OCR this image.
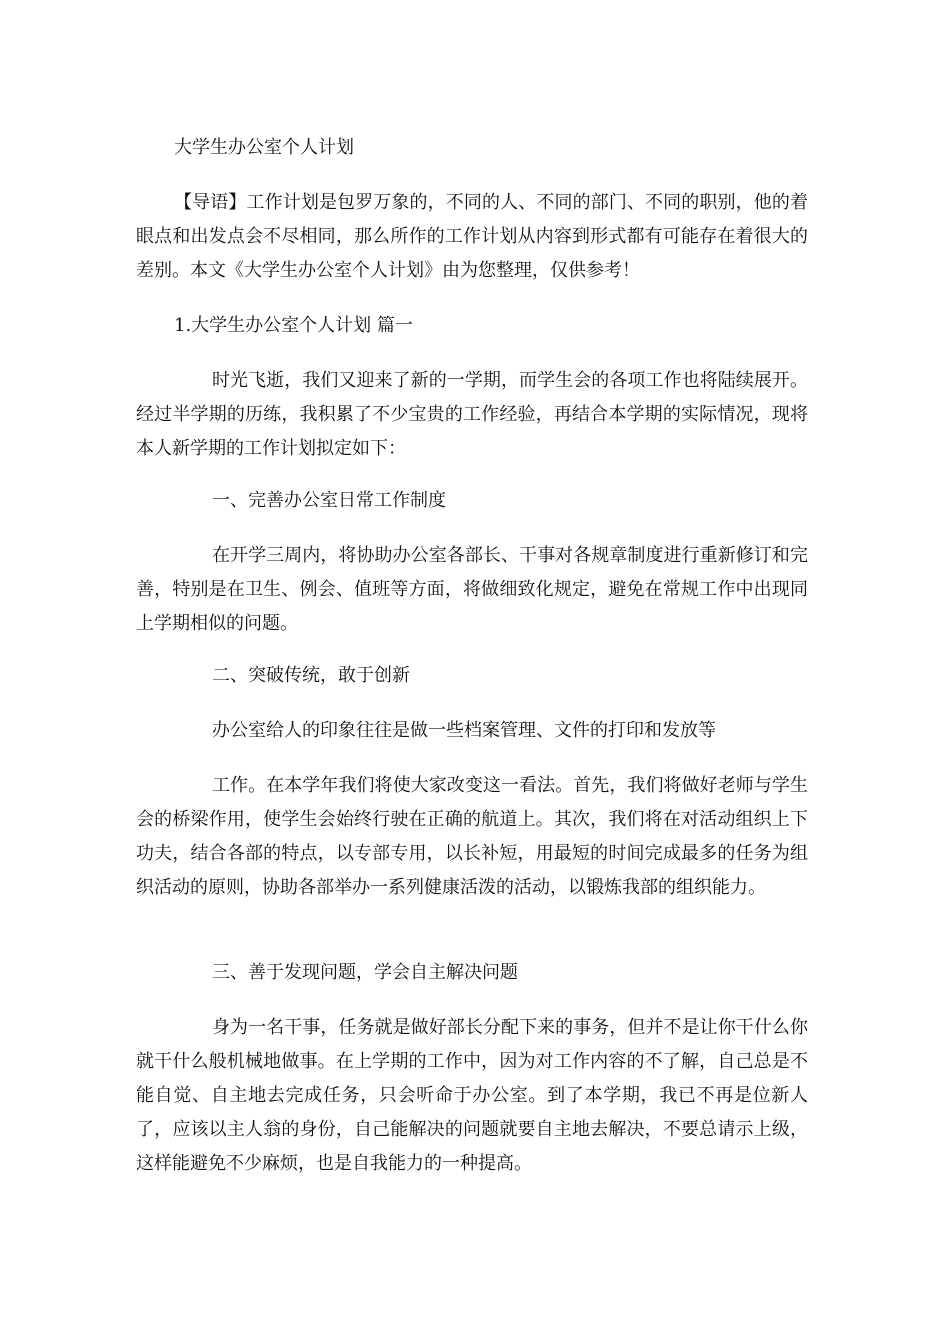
大学生办公室个人计划

【导语】工作计划是包罗万象的，不同的人、不同的部门、不同的职别，他的着眼点和出发点会不尽相同，那么所作的工作计划从内容到形式都有可能存在着很大的差别。本文《大学生办公室个人计划》由为您整理，仅供参考！

1.大学生办公室个人计划 篇一

时光飞逝，我们又迎来了新的一学期，而学生会的各项工作也将陆续展开。经过半学期的历练，我积累了不少宝贵的工作经验，再结合本学期的实际情况，现将本人新学期的工作计划拟定如下：

一、完善办公室日常工作制度

在开学三周内，将协助办公室各部长、干事对各规章制度进行重新修订和完善，特别是在卫生、例会、值班等方面，将做细致化规定，避免在常规工作中出现同上学期相似的问题。

二、突破传统，敢于创新

办公室给人的印象往往是做一些档案管理、文件的打印和发放等

工作。在本学年我们将使大家改变这一看法。首先，我们将做好老师与学生会的桥梁作用，使学生会始终行驶在正确的航道上。其次，我们将在对活动组织上下功夫，结合各部的特点，以专部专用，以长补短，用最短的时间完成最多的任务为组织活动的原则，协助各部举办一系列健康活泼的活动，以锻炼我部的组织能力。

三、善于发现问题，学会自主解决问题

身为一名干事，任务就是做好部长分配下来的事务，但并不是让你干什么你就干什么般机械地做事。在上学期的工作中，因为对工作内容的不了解，自己总是不能自觉、自主地去完成任务，只会听命于办公室。到了本学期，我已不再是位新人了，应该以主人翁的身份，自己能解决的问题就要自主地去解决，不要总请示上级，这样能避免不少麻烦，也是自我能力的一种提高。
